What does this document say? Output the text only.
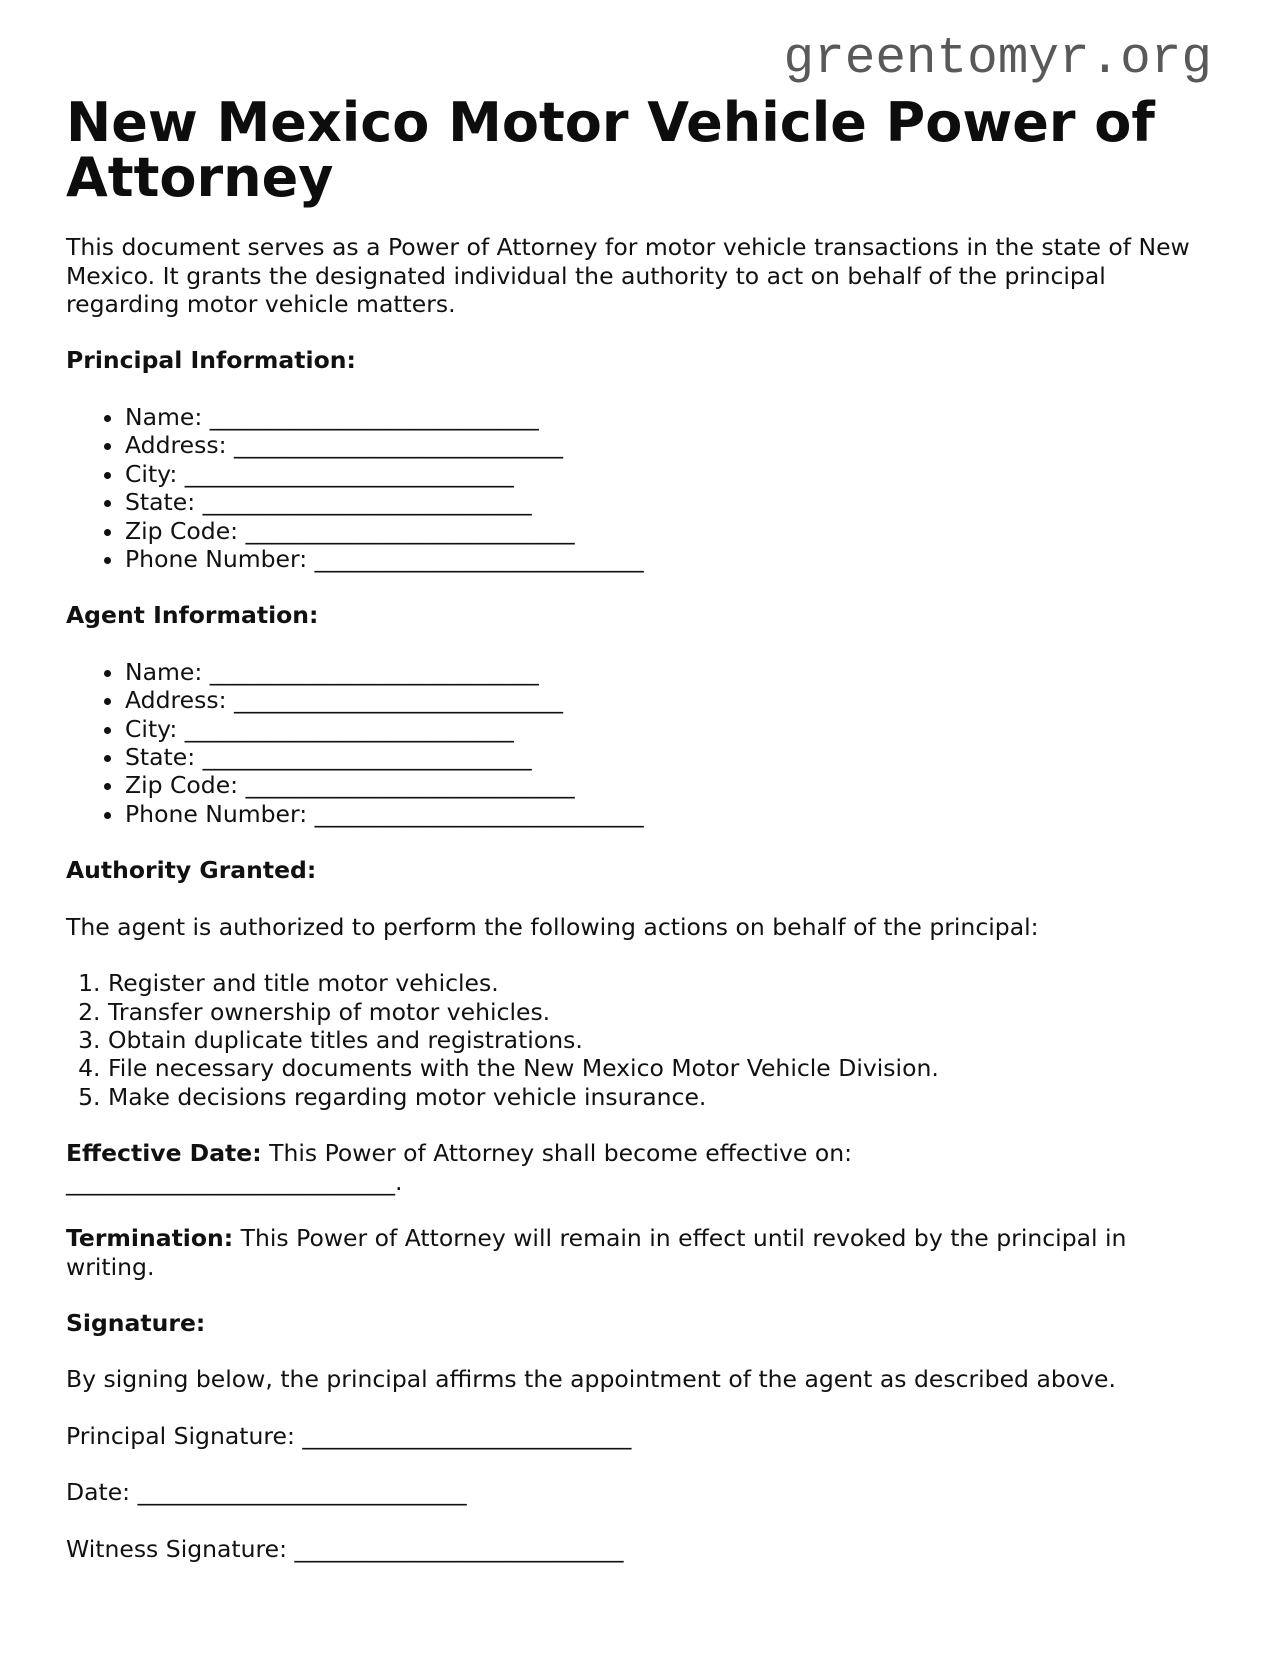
greentomyr.org
New Mexico Motor Vehicle Power of Attorney

This document serves as a Power of Attorney for motor vehicle transactions in the state of New Mexico. It grants the designated individual the authority to act on behalf of the principal regarding motor vehicle matters.

Principal Information:
• Name: ____________________________
• Address: ____________________________
• City: ____________________________
• State: ____________________________
• Zip Code: ____________________________
• Phone Number: ____________________________
Agent Information:
• Name: ____________________________
• Address: ____________________________
• City: ____________________________
• State: ____________________________
• Zip Code: ____________________________
• Phone Number: ____________________________
Authority Granted:

The agent is authorized to perform the following actions on behalf of the principal:

1. Register and title motor vehicles.
2. Transfer ownership of motor vehicles.
3. Obtain duplicate titles and registrations.
4. File necessary documents with the New Mexico Motor Vehicle Division.
5. Make decisions regarding motor vehicle insurance.

Effective Date: This Power of Attorney shall become effective on:
____________________________.

Termination: This Power of Attorney will remain in effect until revoked by the principal in writing.

Signature:

By signing below, the principal affirms the appointment of the agent as described above.

Principal Signature: ____________________________

Date: ____________________________

Witness Signature: ____________________________
